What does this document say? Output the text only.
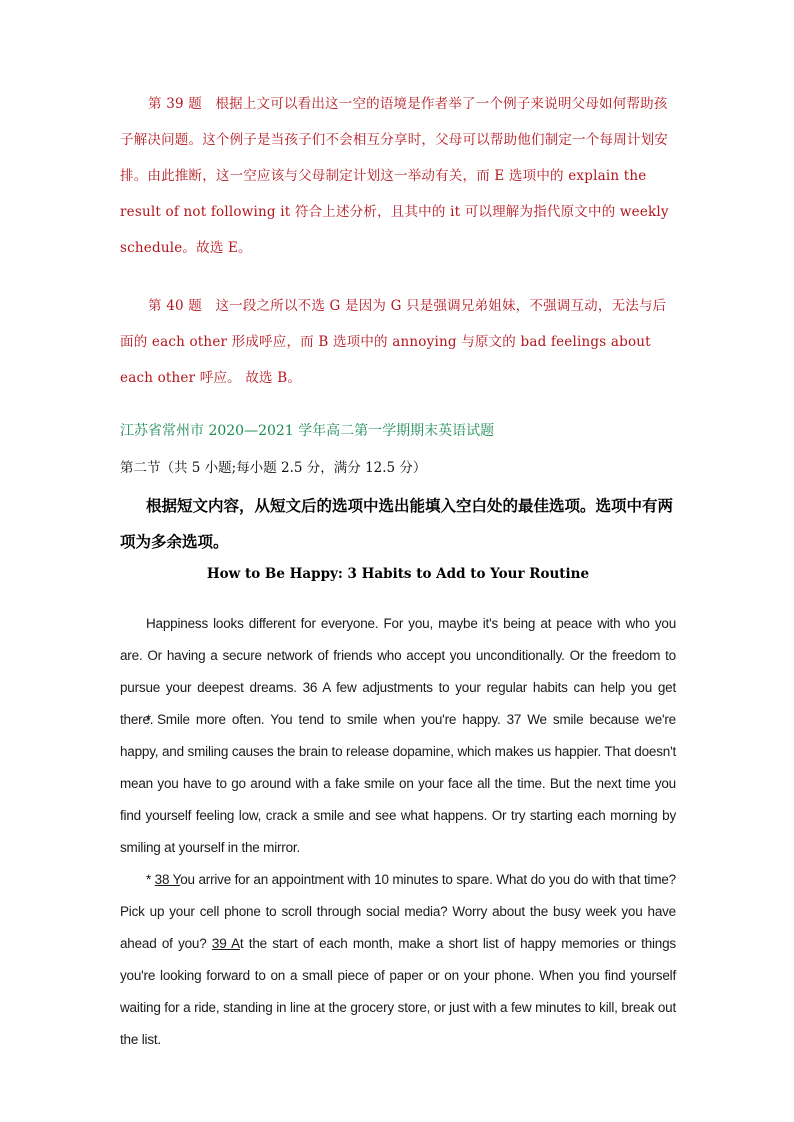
第 39 题 根据上文可以看出这一空的语境是作者举了一个例子来说明父母如何帮助孩子解决问题。这个例子是当孩子们不会相互分享时，父母可以帮助他们制定一个每周计划安排。由此推断，这一空应该与父母制定计划这一举动有关，而 E 选项中的 explain the result of not following it 符合上述分析，且其中的 it 可以理解为指代原文中的 weekly schedule。故选 E。
第 40 题 这一段之所以不选 G 是因为 G 只是强调兄弟姐妹，不强调互动，无法与后面的 each other 形成呼应，而 B 选项中的 annoying 与原文的 bad feelings about each other 呼应。 故选 B。
江苏省常州市 2020—2021 学年高二第一学期期末英语试题
第二节（共 5 小题;每小题 2.5 分，满分 12.5 分）
根据短文内容，从短文后的选项中选出能填入空白处的最佳选项。选项中有两项为多余选项。
How to Be Happy: 3 Habits to Add to Your Routine
Happiness looks different for everyone. For you, maybe it's being at peace with who you are. Or having a secure network of friends who accept you unconditionally. Or the freedom to pursue your deepest dreams. 36 A few adjustments to your regular habits can help you get there.
* Smile more often. You tend to smile when you're happy. 37 We smile because we're happy, and smiling causes the brain to release dopamine, which makes us happier. That doesn't mean you have to go around with a fake smile on your face all the time. But the next time you find yourself feeling low, crack a smile and see what happens. Or try starting each morning by smiling at yourself in the mirror.
* 38 You arrive for an appointment with 10 minutes to spare. What do you do with that time? Pick up your cell phone to scroll through social media? Worry about the busy week you have ahead of you? 39 At the start of each month, make a short list of happy memories or things you're looking forward to on a small piece of paper or on your phone. When you find yourself waiting for a ride, standing in line at the grocery store, or just with a few minutes to kill, break out the list.
